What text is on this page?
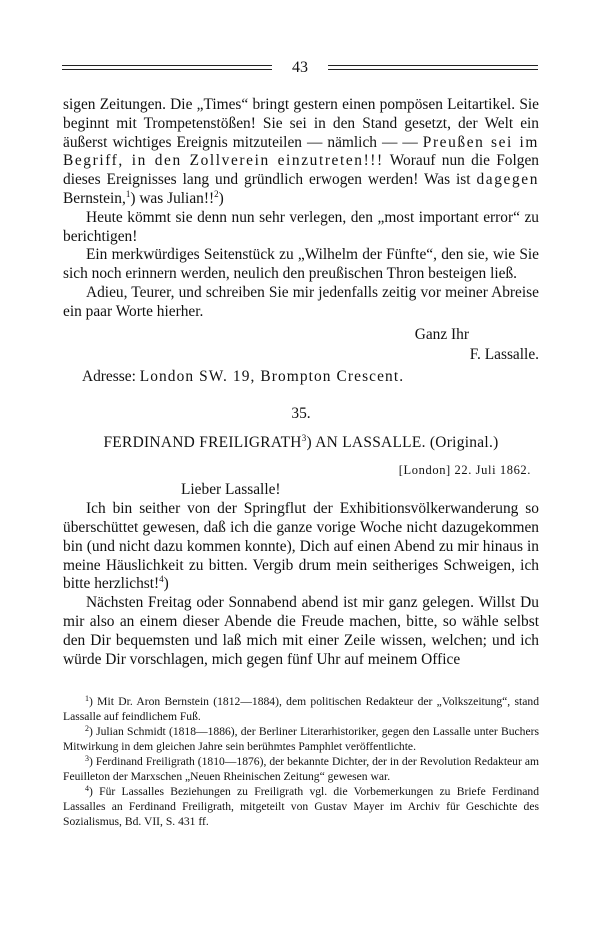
43

sigen Zeitungen. Die „Times“ bringt gestern einen pompösen Leitartikel. Sie beginnt mit Trompetenstößen! Sie sei in den Stand gesetzt, der Welt ein äußerst wichtiges Ereignis mitzuteilen — nämlich — — Preußen sei im Begriff, in den Zollverein einzutreten!!! Worauf nun die Folgen dieses Ereignisses lang und gründlich erwogen werden! Was ist dagegen Bernstein,$^1$) was Julian!!$^2$)

Heute kömmt sie denn nun sehr verlegen, den „most important error“ zu berichtigen!

Ein merkwürdiges Seitenstück zu „Wilhelm der Fünfte“, den sie, wie Sie sich noch erinnern werden, neulich den preußischen Thron besteigen ließ.

Adieu, Teurer, und schreiben Sie mir jedenfalls zeitig vor meiner Abreise ein paar Worte hierher.

Ganz Ihr

F. Lassalle.

Adresse: London SW. 19, Brompton Crescent.

35.

FERDINAND FREILIGRATH$^3$) AN LASSALLE. (Original.)

[London] 22. Juli 1862.

Lieber Lassalle!

Ich bin seither von der Springflut der Exhibitionsvölkerwanderung so überschüttet gewesen, daß ich die ganze vorige Woche nicht dazugekommen bin (und nicht dazu kommen konnte), Dich auf einen Abend zu mir hinaus in meine Häuslichkeit zu bitten. Vergib drum mein seitheriges Schweigen, ich bitte herzlichst!$^4$)

Nächsten Freitag oder Sonnabend abend ist mir ganz gelegen. Willst Du mir also an einem dieser Abende die Freude machen, bitte, so wähle selbst den Dir bequemsten und laß mich mit einer Zeile wissen, welchen; und ich würde Dir vorschlagen, mich gegen fünf Uhr auf meinem Office

$^1$) Mit Dr. Aron Bernstein (1812—1884), dem politischen Redakteur der „Volkszeitung“, stand Lassalle auf feindlichem Fuß.

$^2$) Julian Schmidt (1818—1886), der Berliner Literarhistoriker, gegen den Lassalle unter Buchers Mitwirkung in dem gleichen Jahre sein berühmtes Pamphlet veröffentlichte.

$^3$) Ferdinand Freiligrath (1810—1876), der bekannte Dichter, der in der Revolution Redakteur am Feuilleton der Marxschen „Neuen Rheinischen Zeitung“ gewesen war.

$^4$) Für Lassalles Beziehungen zu Freiligrath vgl. die Vorbemerkungen zu Briefe Ferdinand Lassalles an Ferdinand Freiligrath, mitgeteilt von Gustav Mayer im Archiv für Geschichte des Sozialismus, Bd. VII, S. 431 ff.
